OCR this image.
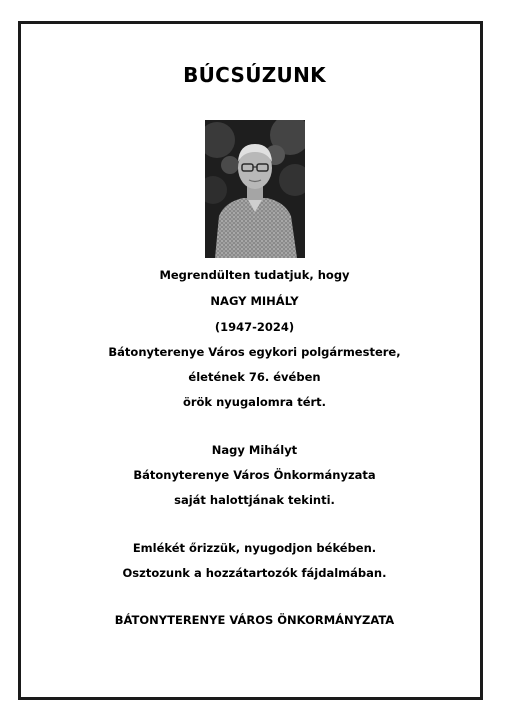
BÚCSÚZUNK
Megrendülten tudatjuk, hogy
NAGY MIHÁLY
(1947-2024)
Bátonyterenye Város egykori polgármestere,
életének 76. évében
örök nyugalomra tért.
Nagy Mihályt
Bátonyterenye Város Önkormányzata
saját halottjának tekinti.
Emlékét őrizzük, nyugodjon békében.
Osztozunk a hozzátartozók fájdalmában.
BÁTONYTERENYE VÁROS ÖNKORMÁNYZATA
